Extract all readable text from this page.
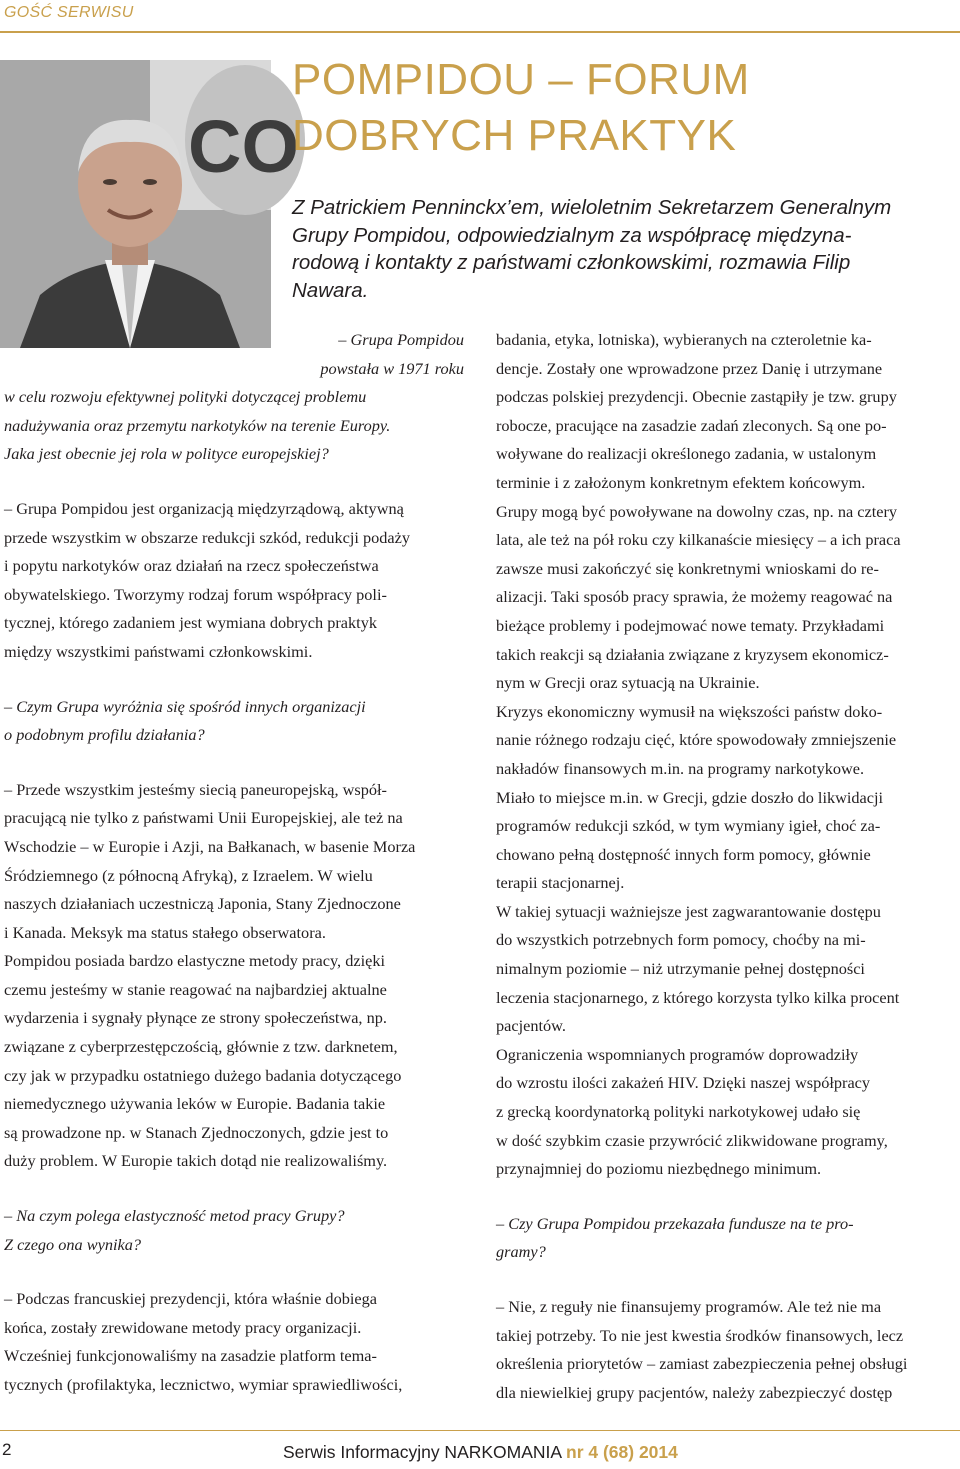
GOŚĆ SERWISU
CO
POMPIDOU – FORUM
DOBRYCH PRAKTYK
Z Patrickiem Penninckx’em, wieloletnim Sekretarzem Generalnym
Grupy Pompidou, odpowiedzialnym za współpracę międzyna-
rodową i kontakty z państwami członkowskimi, rozmawia Filip
Nawara.
– Grupa Pompidou
powstała w 1971 roku
w celu rozwoju efektywnej polityki dotyczącej problemu
nadużywania oraz przemytu narkotyków na terenie Europy.
Jaka jest obecnie jej rola w polityce europejskiej?
– Grupa Pompidou jest organizacją międzyrządową, aktywną
przede wszystkim w obszarze redukcji szkód, redukcji podaży
i popytu narkotyków oraz działań na rzecz społeczeństwa
obywatelskiego. Tworzymy rodzaj forum współpracy poli-
tycznej, którego zadaniem jest wymiana dobrych praktyk
między wszystkimi państwami członkowskimi.
– Czym Grupa wyróżnia się spośród innych organizacji
o podobnym profilu działania?
– Przede wszystkim jesteśmy siecią paneuropejską, współ-
pracującą nie tylko z państwami Unii Europejskiej, ale też na
Wschodzie – w Europie i Azji, na Bałkanach, w basenie Morza
Śródziemnego (z północną Afryką), z Izraelem. W wielu
naszych działaniach uczestniczą Japonia, Stany Zjednoczone
i Kanada. Meksyk ma status stałego obserwatora.
Pompidou posiada bardzo elastyczne metody pracy, dzięki
czemu jesteśmy w stanie reagować na najbardziej aktualne
wydarzenia i sygnały płynące ze strony społeczeństwa, np.
związane z cyberprzestępczością, głównie z tzw. darknetem,
czy jak w przypadku ostatniego dużego badania dotyczącego
niemedycznego używania leków w Europie. Badania takie
są prowadzone np. w Stanach Zjednoczonych, gdzie jest to
duży problem. W Europie takich dotąd nie realizowaliśmy.
– Na czym polega elastyczność metod pracy Grupy?
Z czego ona wynika?
– Podczas francuskiej prezydencji, która właśnie dobiega
końca, zostały zrewidowane metody pracy organizacji.
Wcześniej funkcjonowaliśmy na zasadzie platform tema-
tycznych (profilaktyka, lecznictwo, wymiar sprawiedliwości,
badania, etyka, lotniska), wybieranych na czteroletnie ka-
dencje. Zostały one wprowadzone przez Danię i utrzymane
podczas polskiej prezydencji. Obecnie zastąpiły je tzw. grupy
robocze, pracujące na zasadzie zadań zleconych. Są one po-
woływane do realizacji określonego zadania, w ustalonym
terminie i z założonym konkretnym efektem końcowym.
Grupy mogą być powoływane na dowolny czas, np. na cztery
lata, ale też na pół roku czy kilkanaście miesięcy – a ich praca
zawsze musi zakończyć się konkretnymi wnioskami do re-
alizacji. Taki sposób pracy sprawia, że możemy reagować na
bieżące problemy i podejmować nowe tematy. Przykładami
takich reakcji są działania związane z kryzysem ekonomicz-
nym w Grecji oraz sytuacją na Ukrainie.
Kryzys ekonomiczny wymusił na większości państw doko-
nanie różnego rodzaju cięć, które spowodowały zmniejszenie
nakładów finansowych m.in. na programy narkotykowe.
Miało to miejsce m.in. w Grecji, gdzie doszło do likwidacji
programów redukcji szkód, w tym wymiany igieł, choć za-
chowano pełną dostępność innych form pomocy, głównie
terapii stacjonarnej.
W takiej sytuacji ważniejsze jest zagwarantowanie dostępu
do wszystkich potrzebnych form pomocy, choćby na mi-
nimalnym poziomie – niż utrzymanie pełnej dostępności
leczenia stacjonarnego, z którego korzysta tylko kilka procent
pacjentów.
Ograniczenia wspomnianych programów doprowadziły
do wzrostu ilości zakażeń HIV. Dzięki naszej współpracy
z grecką koordynatorką polityki narkotykowej udało się
w dość szybkim czasie przywrócić zlikwidowane programy,
przynajmniej do poziomu niezbędnego minimum.
– Czy Grupa Pompidou przekazała fundusze na te pro-
gramy?
– Nie, z reguły nie finansujemy programów. Ale też nie ma
takiej potrzeby. To nie jest kwestia środków finansowych, lecz
określenia priorytetów – zamiast zabezpieczenia pełnej obsługi
dla niewielkiej grupy pacjentów, należy zabezpieczyć dostęp
2	Serwis Informacyjny NARKOMANIA nr 4 (68) 2014
